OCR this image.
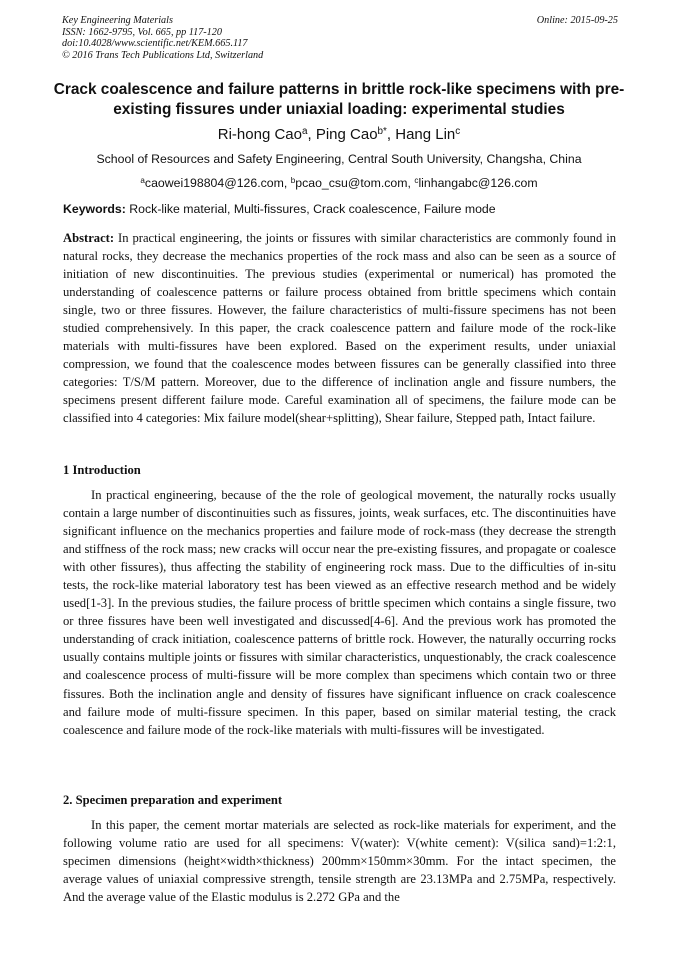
Key Engineering Materials
ISSN: 1662-9795, Vol. 665, pp 117-120
doi:10.4028/www.scientific.net/KEM.665.117
© 2016 Trans Tech Publications Ltd, Switzerland
Online: 2015-09-25
Crack coalescence and failure patterns in brittle rock-like specimens with pre-existing fissures under uniaxial loading: experimental studies
Ri-hong Cao$^a$, Ping Cao$^{b*}$, Hang Lin$^c$
School of Resources and Safety Engineering, Central South University, Changsha, China
$^a$caowei198804@126.com, $^b$pcao_csu@tom.com, $^c$linhangabc@126.com
Keywords: Rock-like material, Multi-fissures, Crack coalescence, Failure mode
Abstract: In practical engineering, the joints or fissures with similar characteristics are commonly found in natural rocks, they decrease the mechanics properties of the rock mass and also can be seen as a source of initiation of new discontinuities. The previous studies (experimental or numerical) has promoted the understanding of coalescence patterns or failure process obtained from brittle specimens which contain single, two or three fissures. However, the failure characteristics of multi-fissure specimens has not been studied comprehensively. In this paper, the crack coalescence pattern and failure mode of the rock-like materials with multi-fissures have been explored. Based on the experiment results, under uniaxial compression, we found that the coalescence modes between fissures can be generally classified into three categories: T/S/M pattern. Moreover, due to the difference of inclination angle and fissure numbers, the specimens present different failure mode. Careful examination all of specimens, the failure mode can be classified into 4 categories: Mix failure model(shear+splitting), Shear failure, Stepped path, Intact failure.
1 Introduction
In practical engineering, because of the the role of geological movement, the naturally rocks usually contain a large number of discontinuities such as fissures, joints, weak surfaces, etc. The discontinuities have significant influence on the mechanics properties and failure mode of rock-mass (they decrease the strength and stiffness of the rock mass; new cracks will occur near the pre-existing fissures, and propagate or coalesce with other fissures), thus affecting the stability of engineering rock mass. Due to the difficulties of in-situ tests, the rock-like material laboratory test has been viewed as an effective research method and be widely used[1-3]. In the previous studies, the failure process of brittle specimen which contains a single fissure, two or three fissures have been well investigated and discussed[4-6]. And the previous work has promoted the understanding of crack initiation, coalescence patterns of brittle rock. However, the naturally occurring rocks usually contains multiple joints or fissures with similar characteristics, unquestionably, the crack coalescence and coalescence process of multi-fissure will be more complex than specimens which contain two or three fissures. Both the inclination angle and density of fissures have significant influence on crack coalescence and failure mode of multi-fissure specimen. In this paper, based on similar material testing, the crack coalescence and failure mode of the rock-like materials with multi-fissures will be investigated.
2. Specimen preparation and experiment
In this paper, the cement mortar materials are selected as rock-like materials for experiment, and the following volume ratio are used for all specimens: V(water): V(white cement): V(silica sand)=1:2:1, specimen dimensions (height×width×thickness) 200mm×150mm×30mm. For the intact specimen, the average values of uniaxial compressive strength, tensile strength are 23.13MPa and 2.75MPa, respectively. And the average value of the Elastic modulus is 2.272 GPa and the
